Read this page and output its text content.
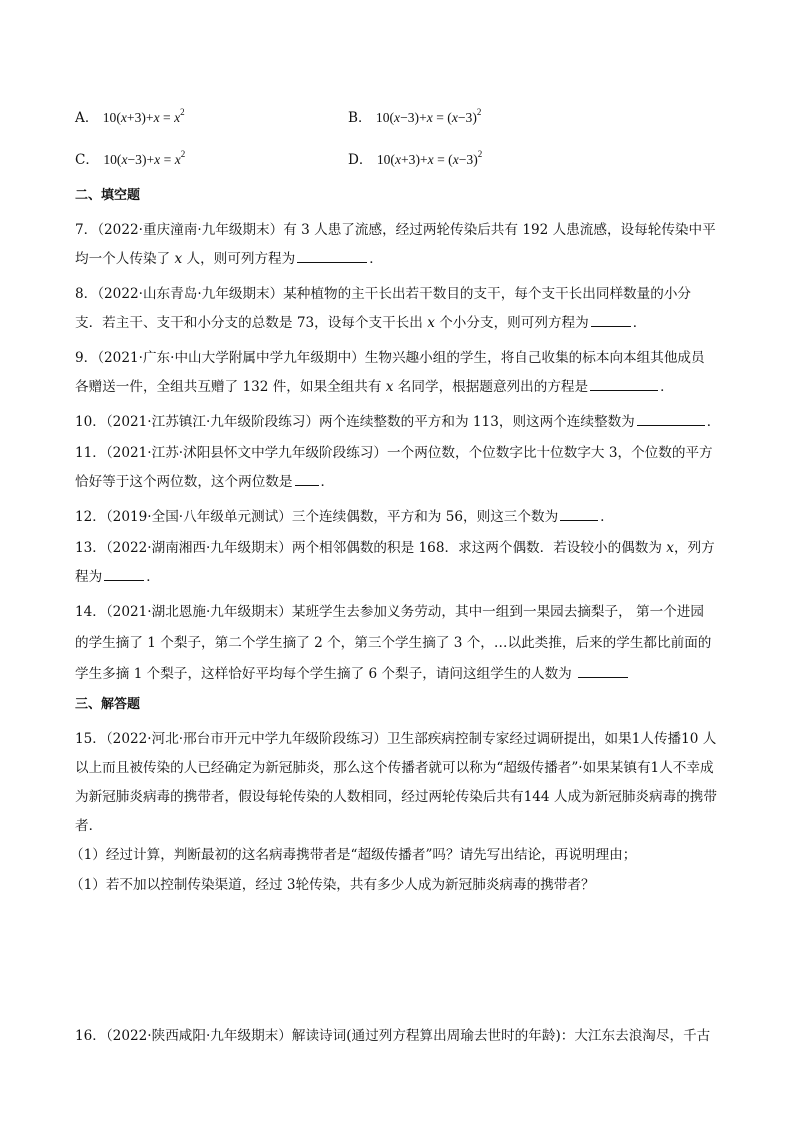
A． $10(x+3)+x = x^2$	B． $10(x-3)+x = (x-3)^2$
C． $10(x-3)+x = x^2$	D． $10(x+3)+x = (x-3)^2$
二、填空题
7．（2022·重庆潼南·九年级期末）有 3 人患了流感，经过两轮传染后共有 192 人患流感，设每轮传染中平
均一个人传染了 x 人，则可列方程为	．
8．（2022·山东青岛·九年级期末）某种植物的主干长出若干数目的支干，每个支干长出同样数量的小分
支．若主干、支干和小分支的总数是 73，设每个支干长出 x 个小分支，则可列方程为	．
9．（2021·广东·中山大学附属中学九年级期中）生物兴趣小组的学生，将自己收集的标本向本组其他成员
各赠送一件，全组共互赠了 132 件，如果全组共有 x 名同学，根据题意列出的方程是	．
10．（2021·江苏镇江·九年级阶段练习）两个连续整数的平方和为 113，则这两个连续整数为	．
11．（2021·江苏·沭阳县怀文中学九年级阶段练习）一个两位数，个位数字比十位数字大 3，个位数的平方
恰好等于这个两位数，这个两位数是 ．
12．（2019·全国·八年级单元测试）三个连续偶数，平方和为 56，则这三个数为	.
13．（2022·湖南湘西·九年级期末）两个相邻偶数的积是 168．求这两个偶数．若设较小的偶数为 x，列方
程为	．
14．（2021·湖北恩施·九年级期末）某班学生去参加义务劳动，其中一组到一果园去摘梨子， 第一个进园
的学生摘了 1 个梨子，第二个学生摘了 2 个，第三个学生摘了 3 个，…以此类推，后来的学生都比前面的
学生多摘 1 个梨子，这样恰好平均每个学生摘了 6 个梨子，请问这组学生的人数为
三、解答题
15．（2022·河北·邢台市开元中学九年级阶段练习）卫生部疾病控制专家经过调研提出，如果1人传播10 人
以上而且被传染的人已经确定为新冠肺炎，那么这个传播者就可以称为“超级传播者”·如果某镇有1人不幸成
为新冠肺炎病毒的携带者，假设每轮传染的人数相同，经过两轮传染后共有144 人成为新冠肺炎病毒的携带
者．
（1）经过计算，判断最初的这名病毒携带者是“超级传播者”吗？请先写出结论，再说明理由；
（1）若不加以控制传染渠道，经过 3轮传染，共有多少人成为新冠肺炎病毒的携带者？
16．（2022·陕西咸阳·九年级期末）解读诗词(通过列方程算出周瑜去世时的年龄)：大江东去浪淘尽，千古
